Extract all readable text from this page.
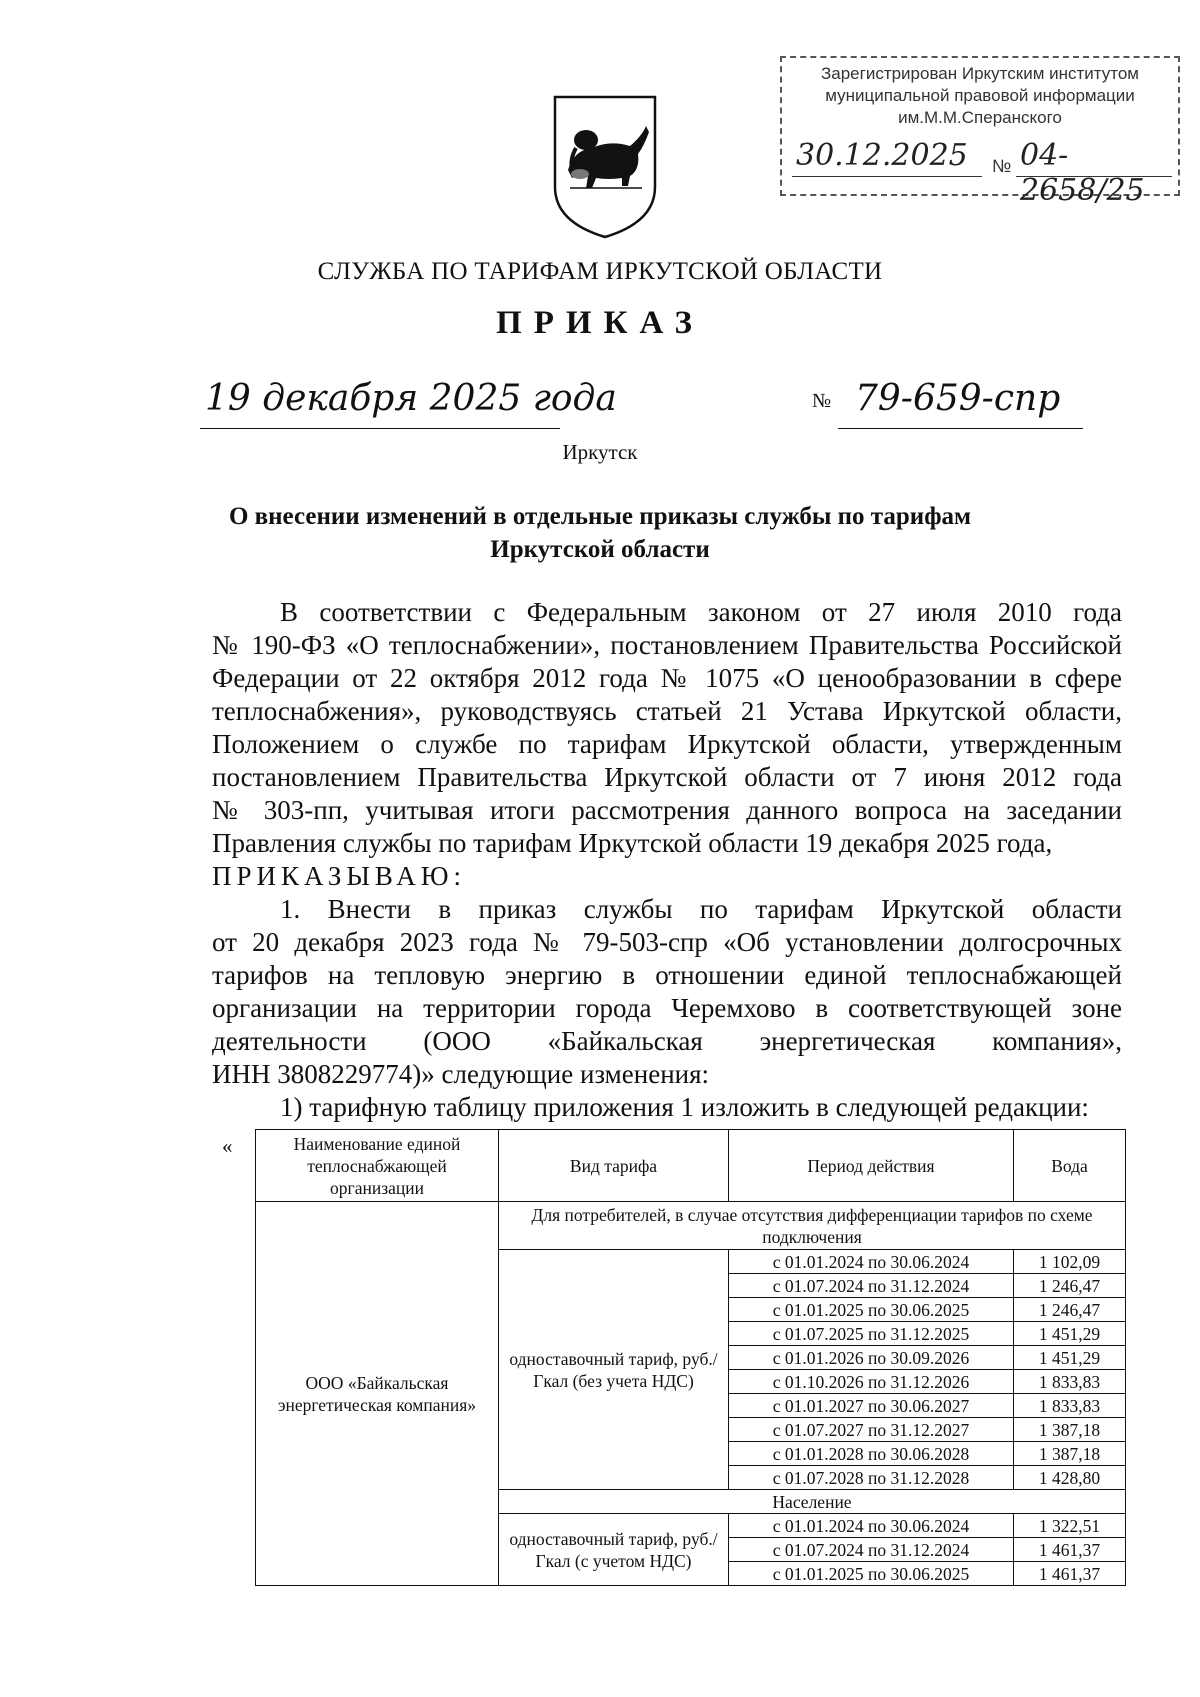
Зарегистрирован Иркутским институтом
муниципальной правовой информации
им.М.М.Сперанского
30.12.2025 № 04-2658/25
СЛУЖБА ПО ТАРИФАМ ИРКУТСКОЙ ОБЛАСТИ
ПРИКАЗ
19 декабря 2025 года	№ 79-659-спр
Иркутск
О внесении изменений в отдельные приказы службы по тарифам
Иркутской области
В соответствии с Федеральным законом от 27 июля 2010 года
№ 190-ФЗ «О теплоснабжении», постановлением Правительства Российской
Федерации от 22 октября 2012 года № 1075 «О ценообразовании в сфере
теплоснабжения», руководствуясь статьей 21 Устава Иркутской области,
Положением о службе по тарифам Иркутской области, утвержденным
постановлением Правительства Иркутской области от 7 июня 2012 года
№ 303-пп, учитывая итоги рассмотрения данного вопроса на заседании
Правления службы по тарифам Иркутской области 19 декабря 2025 года,
ПРИКАЗЫВАЮ:
1. Внести в приказ службы по тарифам Иркутской области
от 20 декабря 2023 года № 79-503-спр «Об установлении долгосрочных
тарифов на тепловую энергию в отношении единой теплоснабжающей
организации на территории города Черемхово в соответствующей зоне
деятельности (ООО «Байкальская энергетическая компания»,
ИНН 3808229774)» следующие изменения:
1) тарифную таблицу приложения 1 изложить в следующей редакции:
«	Наименование единой теплоснабжающей организации	Вид тарифа	Период действия	Вода
ООО «Байкальская энергетическая компания»	Для потребителей, в случае отсутствия дифференциации тарифов по схеме подключения		
	одноставочный тариф, руб./Гкал (без учета НДС)	с 01.01.2024 по 30.06.2024	1 102,09
		с 01.07.2024 по 31.12.2024	1 246,47
		с 01.01.2025 по 30.06.2025	1 246,47
		с 01.07.2025 по 31.12.2025	1 451,29
		с 01.01.2026 по 30.09.2026	1 451,29
		с 01.10.2026 по 31.12.2026	1 833,83
		с 01.01.2027 по 30.06.2027	1 833,83
		с 01.07.2027 по 31.12.2027	1 387,18
		с 01.01.2028 по 30.06.2028	1 387,18
		с 01.07.2028 по 31.12.2028	1 428,80
	Население		
	одноставочный тариф, руб./Гкал (с учетом НДС)	с 01.01.2024 по 30.06.2024	1 322,51
		с 01.07.2024 по 31.12.2024	1 461,37
		с 01.01.2025 по 30.06.2025	1 461,37
